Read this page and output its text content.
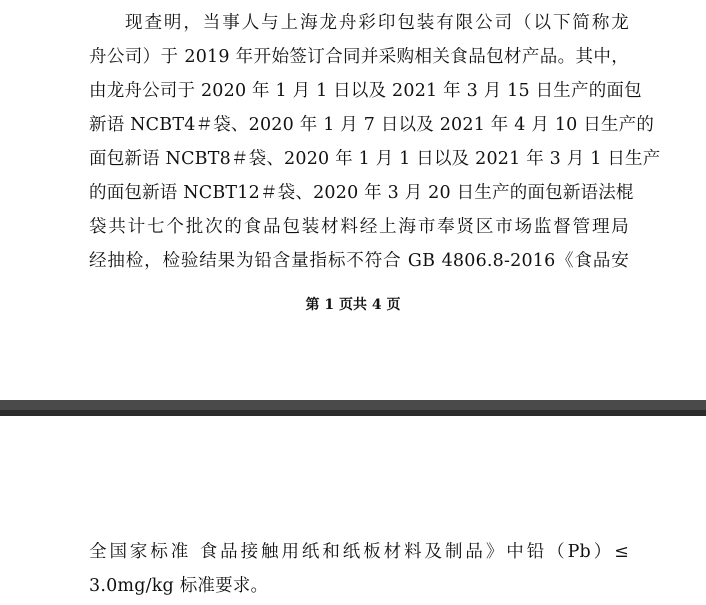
现查明，当事人与上海龙舟彩印包装有限公司（以下简称龙
舟公司）于 2019 年开始签订合同并采购相关食品包材产品。其中，
由龙舟公司于 2020 年 1 月 1 日以及 2021 年 3 月 15 日生产的面包
新语 NCBT4＃袋、2020 年 1 月 7 日以及 2021 年 4 月 10 日生产的
面包新语 NCBT8＃袋、2020 年 1 月 1 日以及 2021 年 3 月 1 日生产
的面包新语 NCBT12＃袋、2020 年 3 月 20 日生产的面包新语法棍
袋共计七个批次的食品包装材料经上海市奉贤区市场监督管理局
经抽检，检验结果为铅含量指标不符合 GB 4806.8-2016《食品安
第 1 页共 4 页
全国家标准 食品接触用纸和纸板材料及制品》中铅（Pb）≤
3.0mg/kg 标准要求。
